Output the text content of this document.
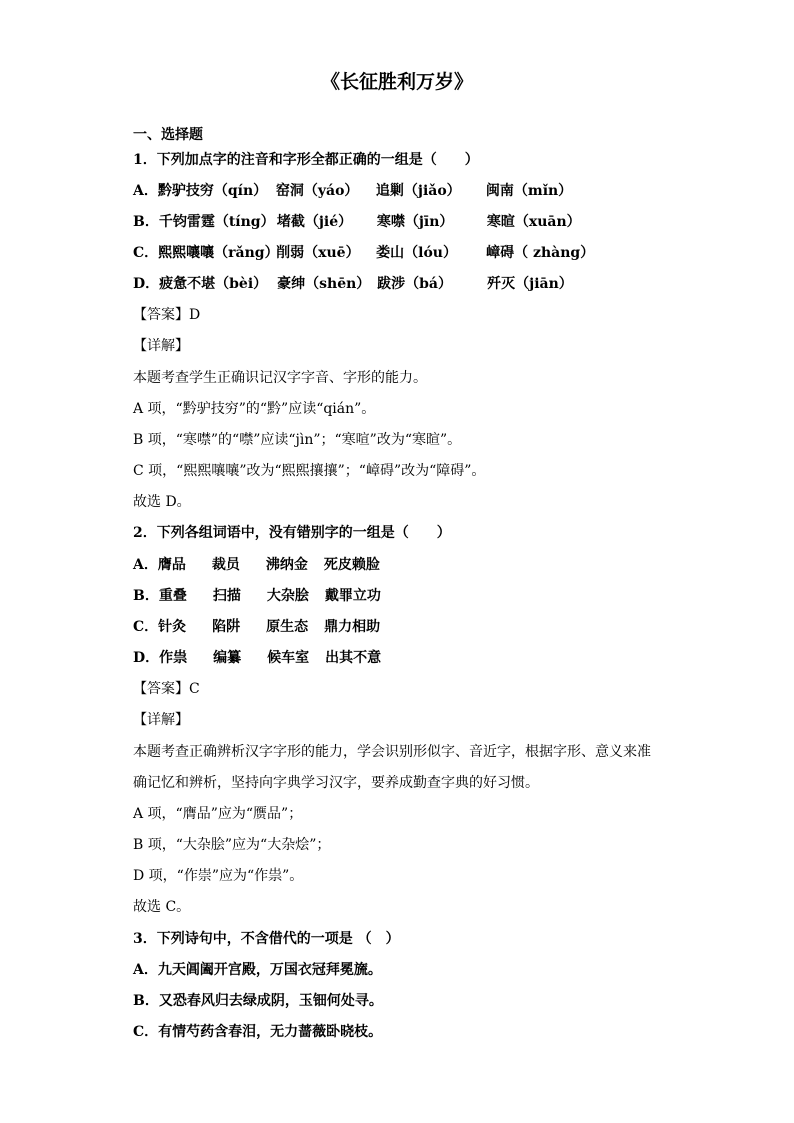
《长征胜利万岁》
一、选择题
1．下列加点字的注音和字形全都正确的一组是（　　）
A．黔驴技穷（qín） 窑洞（yáo） 追剿（jiǎo） 闽南（mǐn）
B．千钧雷霆（tíng） 堵截（jié） 寒噤（jīn） 寒暄（xuān）
C．熙熙嚷嚷（rǎng）削弱（xuē） 娄山（lóu） 嶂碍（ zhàng）
D．疲惫不堪（bèi） 豪绅（shēn） 跋涉（bá）	歼灭（jiān）
【答案】D
【详解】
本题考查学生正确识记汉字字音、字形的能力。
A 项，“黔驴技穷”的“黔”应读“qián”。
B 项，“寒噤”的“噤”应读“jìn”；“寒喧”改为“寒暄”。
C 项，“熙熙嚷嚷”改为“熙熙攘攘”；“嶂碍”改为“障碍”。
故选 D。
2．下列各组词语中，没有错别字的一组是（　　）
A．膺品 裁员 沸纳金 死皮赖脸
B．重叠 扫描 大杂脍 戴罪立功
C．针灸 陷阱 原生态 鼎力相助
D．作祟 编纂 候车室 出其不意
【答案】C
【详解】
本题考查正确辨析汉字字形的能力，学会识别形似字、音近字，根据字形、意义来准
确记忆和辨析，坚持向字典学习汉字，要养成勤查字典的好习惯。
A 项，“膺品”应为“赝品”；
B 项，“大杂脍”应为“大杂烩”；
D 项，“作崇”应为“作祟”。
故选 C。
3．下列诗句中，不含借代的一项是 （　）
A．九天阊阖开宫殿，万国衣冠拜冕旒。
B．又恐春风归去绿成阴，玉钿何处寻。
C．有情芍药含春泪，无力蔷薇卧晓枝。
